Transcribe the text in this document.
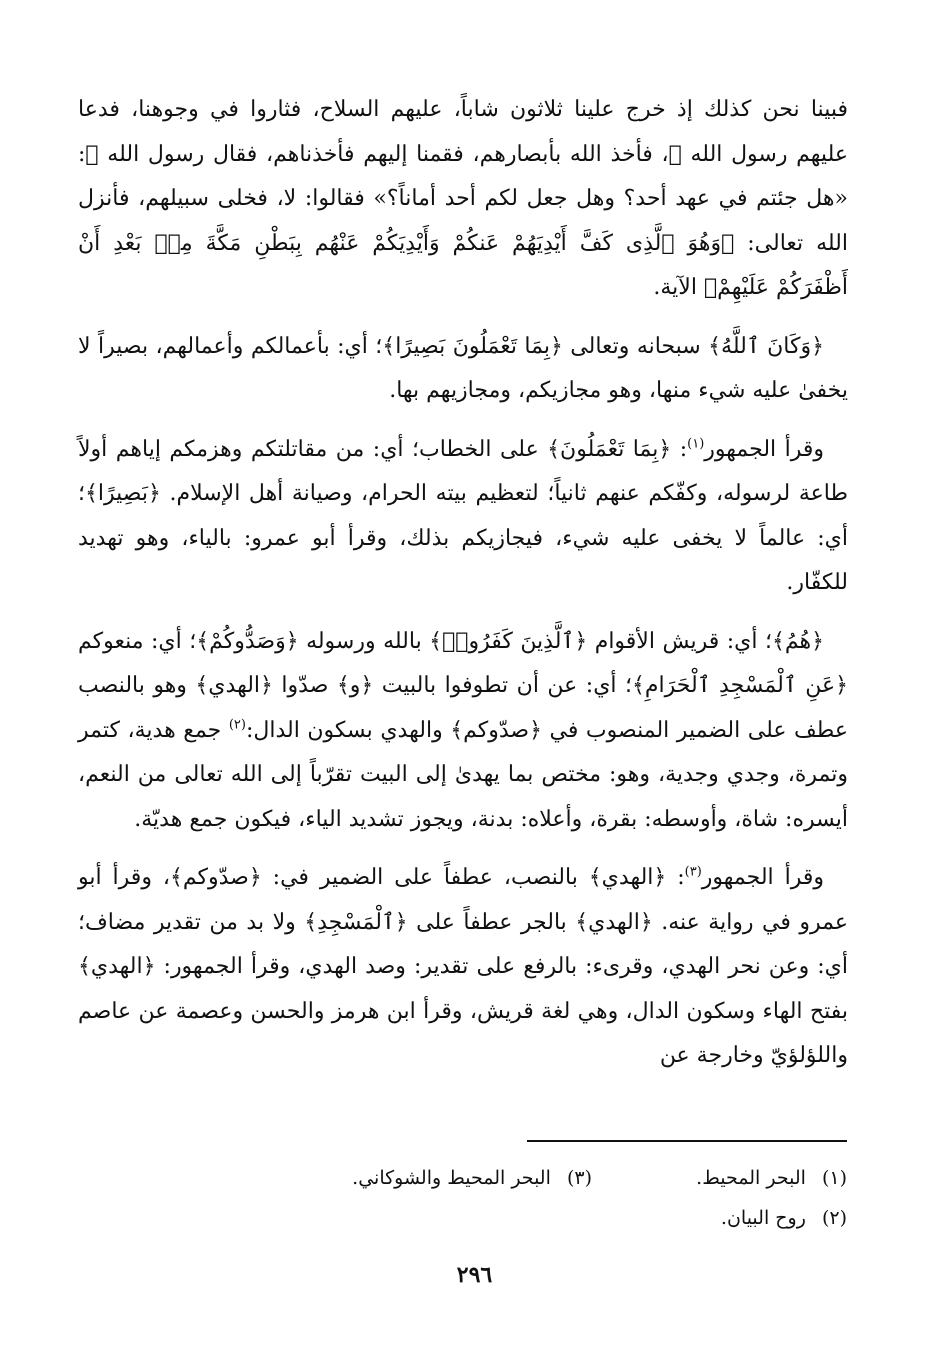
فبينا نحن كذلك إذ خرج علينا ثلاثون شاباً، عليهم السلاح، فثاروا في وجوهنا، فدعا عليهم رسول الله ﷺ، فأخذ الله بأبصارهم، فقمنا إليهم فأخذناهم، فقال رسول الله ﷺ: «هل جئتم في عهد أحد؟ وهل جعل لكم أحد أماناً؟» فقالوا: لا، فخلى سبيلهم، فأنزل الله تعالى: ﴿وَهُوَ ٱلَّذِى كَفَّ أَيْدِيَهُمْ عَنكُمْ وَأَيْدِيَكُمْ عَنْهُم بِبَطْنِ مَكَّةَ مِنۢ بَعْدِ أَنْ أَظْفَرَكُمْ عَلَيْهِمْ﴾ الآية.

﴿وَكَانَ ٱللَّهُ﴾ سبحانه وتعالى ﴿بِمَا تَعْمَلُونَ بَصِيرًا﴾؛ أي: بأعمالكم وأعمالهم، بصيراً لا يخفىٰ عليه شيء منها، وهو مجازيكم، ومجازيهم بها.

وقرأ الجمهور$^{(١)}$: ﴿بِمَا تَعْمَلُونَ﴾ على الخطاب؛ أي: من مقاتلتكم وهزمكم إياهم أولاً طاعة لرسوله، وكفّكم عنهم ثانياً؛ لتعظيم بيته الحرام، وصيانة أهل الإسلام. ﴿بَصِيرًا﴾؛ أي: عالماً لا يخفى عليه شيء، فيجازيكم بذلك، وقرأ أبو عمرو: بالياء، وهو تهديد للكفّار.

﴿هُمُ﴾؛ أي: قريش الأقوام ﴿ٱلَّذِينَ كَفَرُوا۟﴾ بالله ورسوله ﴿وَصَدُّوكُمْ﴾؛ أي: منعوكم ﴿عَنِ ٱلْمَسْجِدِ ٱلْحَرَامِ﴾؛ أي: عن أن تطوفوا بالبيت ﴿و﴾ صدّوا ﴿الهدي﴾ وهو بالنصب عطف على الضمير المنصوب في ﴿صدّوكم﴾ والهدي بسكون الدال:$^{(٢)}$ جمع هدية، كتمر وتمرة، وجدي وجدية، وهو: مختص بما يهدىٰ إلى البيت تقرّباً إلى الله تعالى من النعم، أيسره: شاة، وأوسطه: بقرة، وأعلاه: بدنة، ويجوز تشديد الياء، فيكون جمع هديّة.

وقرأ الجمهور$^{(٣)}$: ﴿الهدي﴾ بالنصب، عطفاً على الضمير في: ﴿صدّوكم﴾، وقرأ أبو عمرو في رواية عنه. ﴿الهدي﴾ بالجر عطفاً على ﴿ٱلْمَسْجِدِ﴾ ولا بد من تقدير مضاف؛ أي: وعن نحر الهدي، وقرىء: بالرفع على تقدير: وصد الهدي، وقرأ الجمهور: ﴿الهدي﴾ بفتح الهاء وسكون الدال، وهي لغة قريش، وقرأ ابن هرمز والحسن وعصمة عن عاصم واللؤلؤيّ وخارجة عن

(١) البحر المحيط.
(٣) البحر المحيط والشوكاني.
(٢) روح البيان.
٢٩٦
